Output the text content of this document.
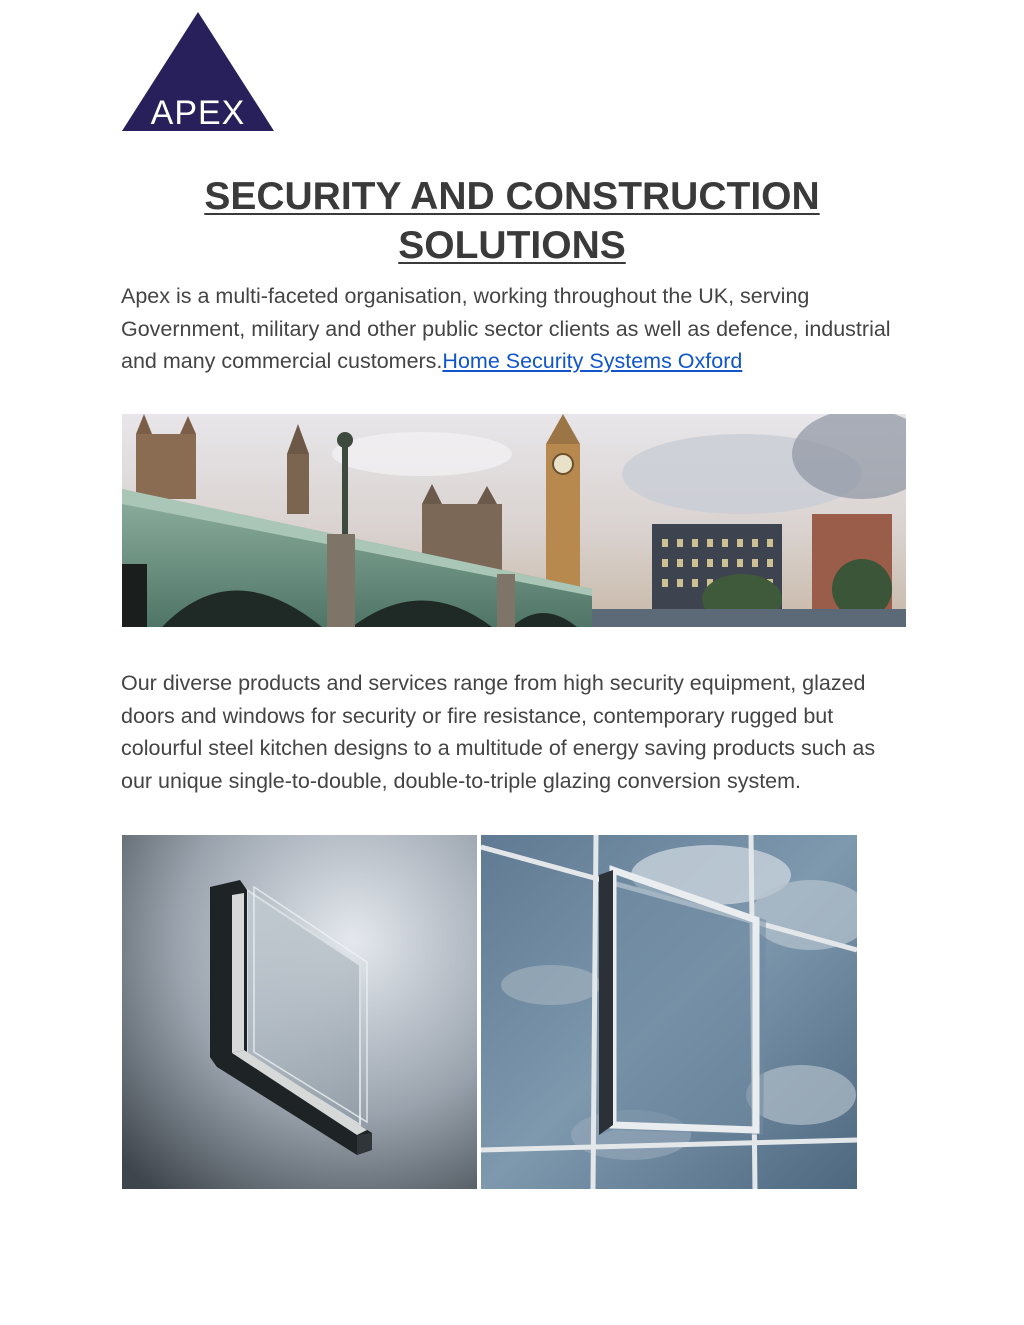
APEX
SECURITY AND CONSTRUCTION
SOLUTIONS

Apex is a multi-faceted organisation, working throughout the UK, serving Government, military and other public sector clients as well as defence, industrial and many commercial customers.Home Security Systems Oxford

Our diverse products and services range from high security equipment, glazed doors and windows for security or fire resistance, contemporary rugged but colourful steel kitchen designs to a multitude of energy saving products such as our unique single-to-double, double-to-triple glazing conversion system.
